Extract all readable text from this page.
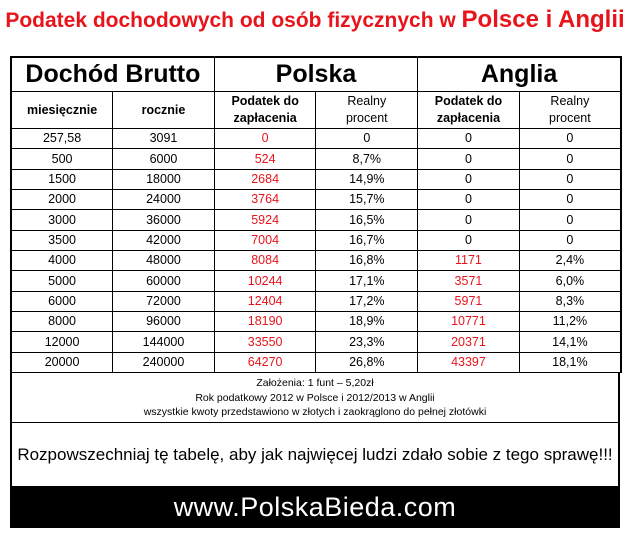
Podatek dochodowych od osób fizycznych w Polsce i Anglii
Dochód Brutto		Polska		Anglia	
miesięcznie	rocznie	Podatek do zapłacenia	Realny procent	Podatek do zapłacenia	Realny procent
257,58	3091	0	0	0	0
500	6000	524	8,7%	0	0
1500	18000	2684	14,9%	0	0
2000	24000	3764	15,7%	0	0
3000	36000	5924	16,5%	0	0
3500	42000	7004	16,7%	0	0
4000	48000	8084	16,8%	1171	2,4%
5000	60000	10244	17,1%	3571	6,0%
6000	72000	12404	17,2%	5971	8,3%
8000	96000	18190	18,9%	10771	11,2%
12000	144000	33550	23,3%	20371	14,1%
20000	240000	64270	26,8%	43397	18,1%
Założenia: 1 funt – 5,20zł
Rok podatkowy 2012 w Polsce i 2012/2013 w Anglii
wszystkie kwoty przedstawiono w złotych i zaokrąglono do pełnej złotówki
Rozpowszechniaj tę tabelę, aby jak najwięcej ludzi zdało sobie z tego sprawę!!!
www.PolskaBieda.com
